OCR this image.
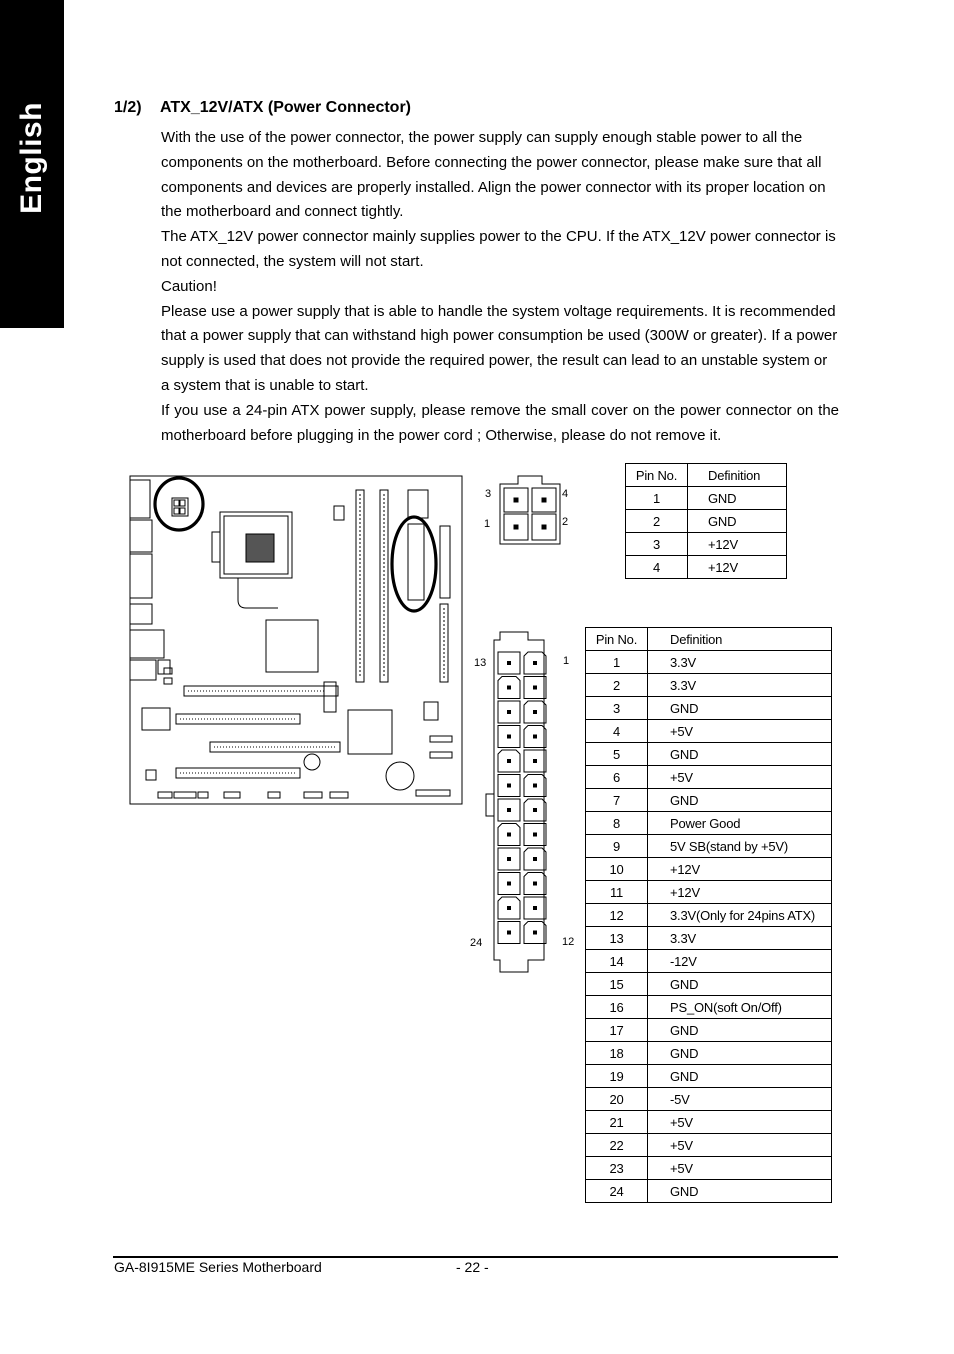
English	1/2) ATX_12V/ATX (Power Connector)

With the use of the power connector, the power supply can supply enough stable power to all the components on the motherboard. Before connecting the power connector, please make sure that all components and devices are properly installed. Align the power connector with its proper location on the motherboard and connect tightly.

The ATX_12V power connector mainly supplies power to the CPU. If the ATX_12V power connector is not connected, the system will not start.

Caution!

Please use a power supply that is able to handle the system voltage requirements. It is recommended that a power supply that can withstand high power consumption be used (300W or greater). If a power supply is used that does not provide the required power, the result can lead to an unstable system or a system that is unable to start.

If you use a 24-pin ATX power supply, please remove the small cover on the power connector on the motherboard before plugging in the power cord ; Otherwise, please do not remove it.

3	4
1	2
Pin No.	Definition
1	GND
2	GND
3	+12V
4	+12V
13	1
24	12
Pin No.	Definition
1	3.3V
2	3.3V
3	GND
4	+5V
5	GND
6	+5V
7	GND
8	Power Good
9	5V SB(stand by +5V)
10	+12V
11	+12V
12	3.3V(Only for 24pins ATX)
13	3.3V
14	-12V
15	GND
16	PS_ON(soft On/Off)
17	GND
18	GND
19	GND
20	-5V
21	+5V
22	+5V
23	+5V
24	GND
GA-8I915ME Series Motherboard	- 22 -
